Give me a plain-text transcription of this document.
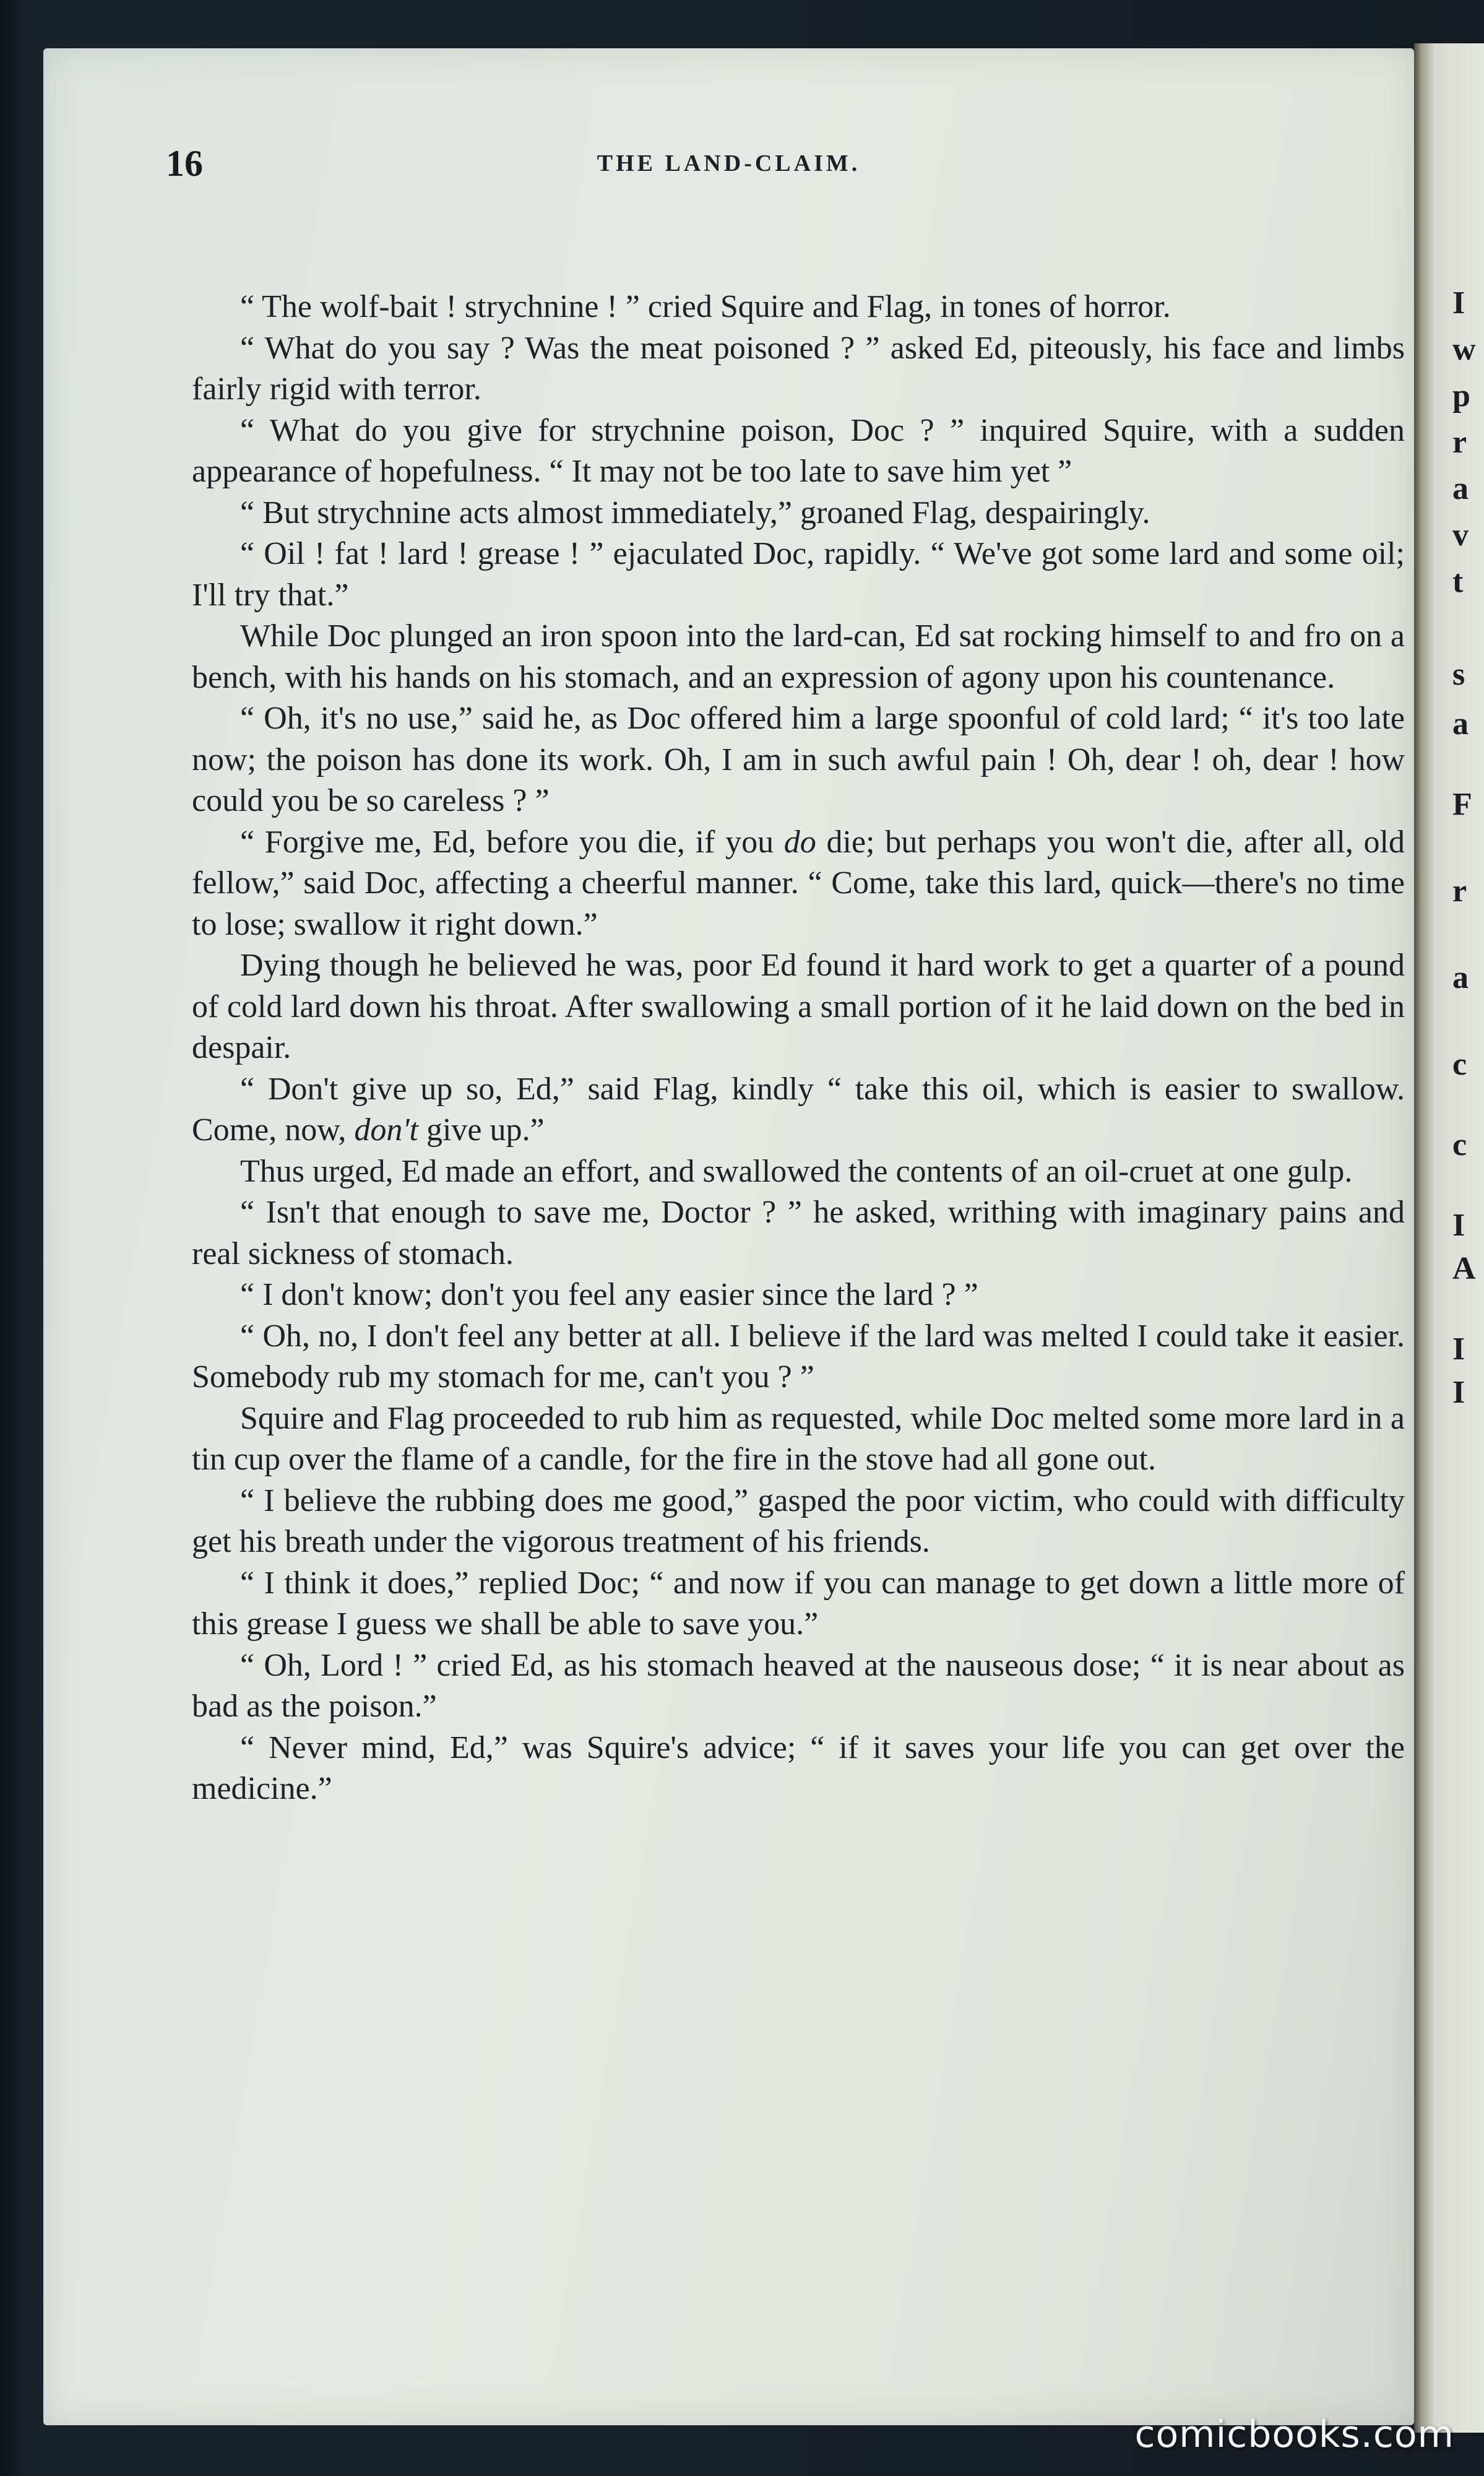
16	THE LAND-CLAIM.

“ The wolf-bait ! strychnine ! ” cried Squire and Flag, in tones of horror.

“ What do you say ? Was the meat poisoned ? ” asked Ed, piteously, his face and limbs fairly rigid with terror.

“ What do you give for strychnine poison, Doc ? ” inquired Squire, with a sudden appearance of hopefulness. “ It may not be too late to save him yet ”

“ But strychnine acts almost immediately,” groaned Flag, despairingly.

“ Oil ! fat ! lard ! grease ! ” ejaculated Doc, rapidly. “ We've got some lard and some oil; I'll try that.”

While Doc plunged an iron spoon into the lard-can, Ed sat rocking himself to and fro on a bench, with his hands on his stomach, and an expression of agony upon his countenance.

“ Oh, it's no use,” said he, as Doc offered him a large spoonful of cold lard; “ it's too late now; the poison has done its work. Oh, I am in such awful pain ! Oh, dear ! oh, dear ! how could you be so careless ? ”

“ Forgive me, Ed, before you die, if you do die; but perhaps you won't die, after all, old fellow,” said Doc, affecting a cheerful manner. “ Come, take this lard, quick—there's no time to lose; swallow it right down.”

Dying though he believed he was, poor Ed found it hard work to get a quarter of a pound of cold lard down his throat. After swallowing a small portion of it he laid down on the bed in despair.

“ Don't give up so, Ed,” said Flag, kindly “ take this oil, which is easier to swallow. Come, now, don't give up.”

Thus urged, Ed made an effort, and swallowed the contents of an oil-cruet at one gulp.

“ Isn't that enough to save me, Doctor ? ” he asked, writhing with imaginary pains and real sickness of stomach.

“ I don't know; don't you feel any easier since the lard ? ”

“ Oh, no, I don't feel any better at all. I believe if the lard was melted I could take it easier. Somebody rub my stomach for me, can't you ? ”

Squire and Flag proceeded to rub him as requested, while Doc melted some more lard in a tin cup over the flame of a candle, for the fire in the stove had all gone out.

“ I believe the rubbing does me good,” gasped the poor victim, who could with difficulty get his breath under the vigorous treatment of his friends.

“ I think it does,” replied Doc; “ and now if you can manage to get down a little more of this grease I guess we shall be able to save you.”

“ Oh, Lord ! ” cried Ed, as his stomach heaved at the nauseous dose; “ it is near about as bad as the poison.”

“ Never mind, Ed,” was Squire's advice; “ if it saves your life you can get over the medicine.”

I
w
p
r
a
v
t
s
a
F
r
a
c
c
I
A
I
I
comicbooks.com
